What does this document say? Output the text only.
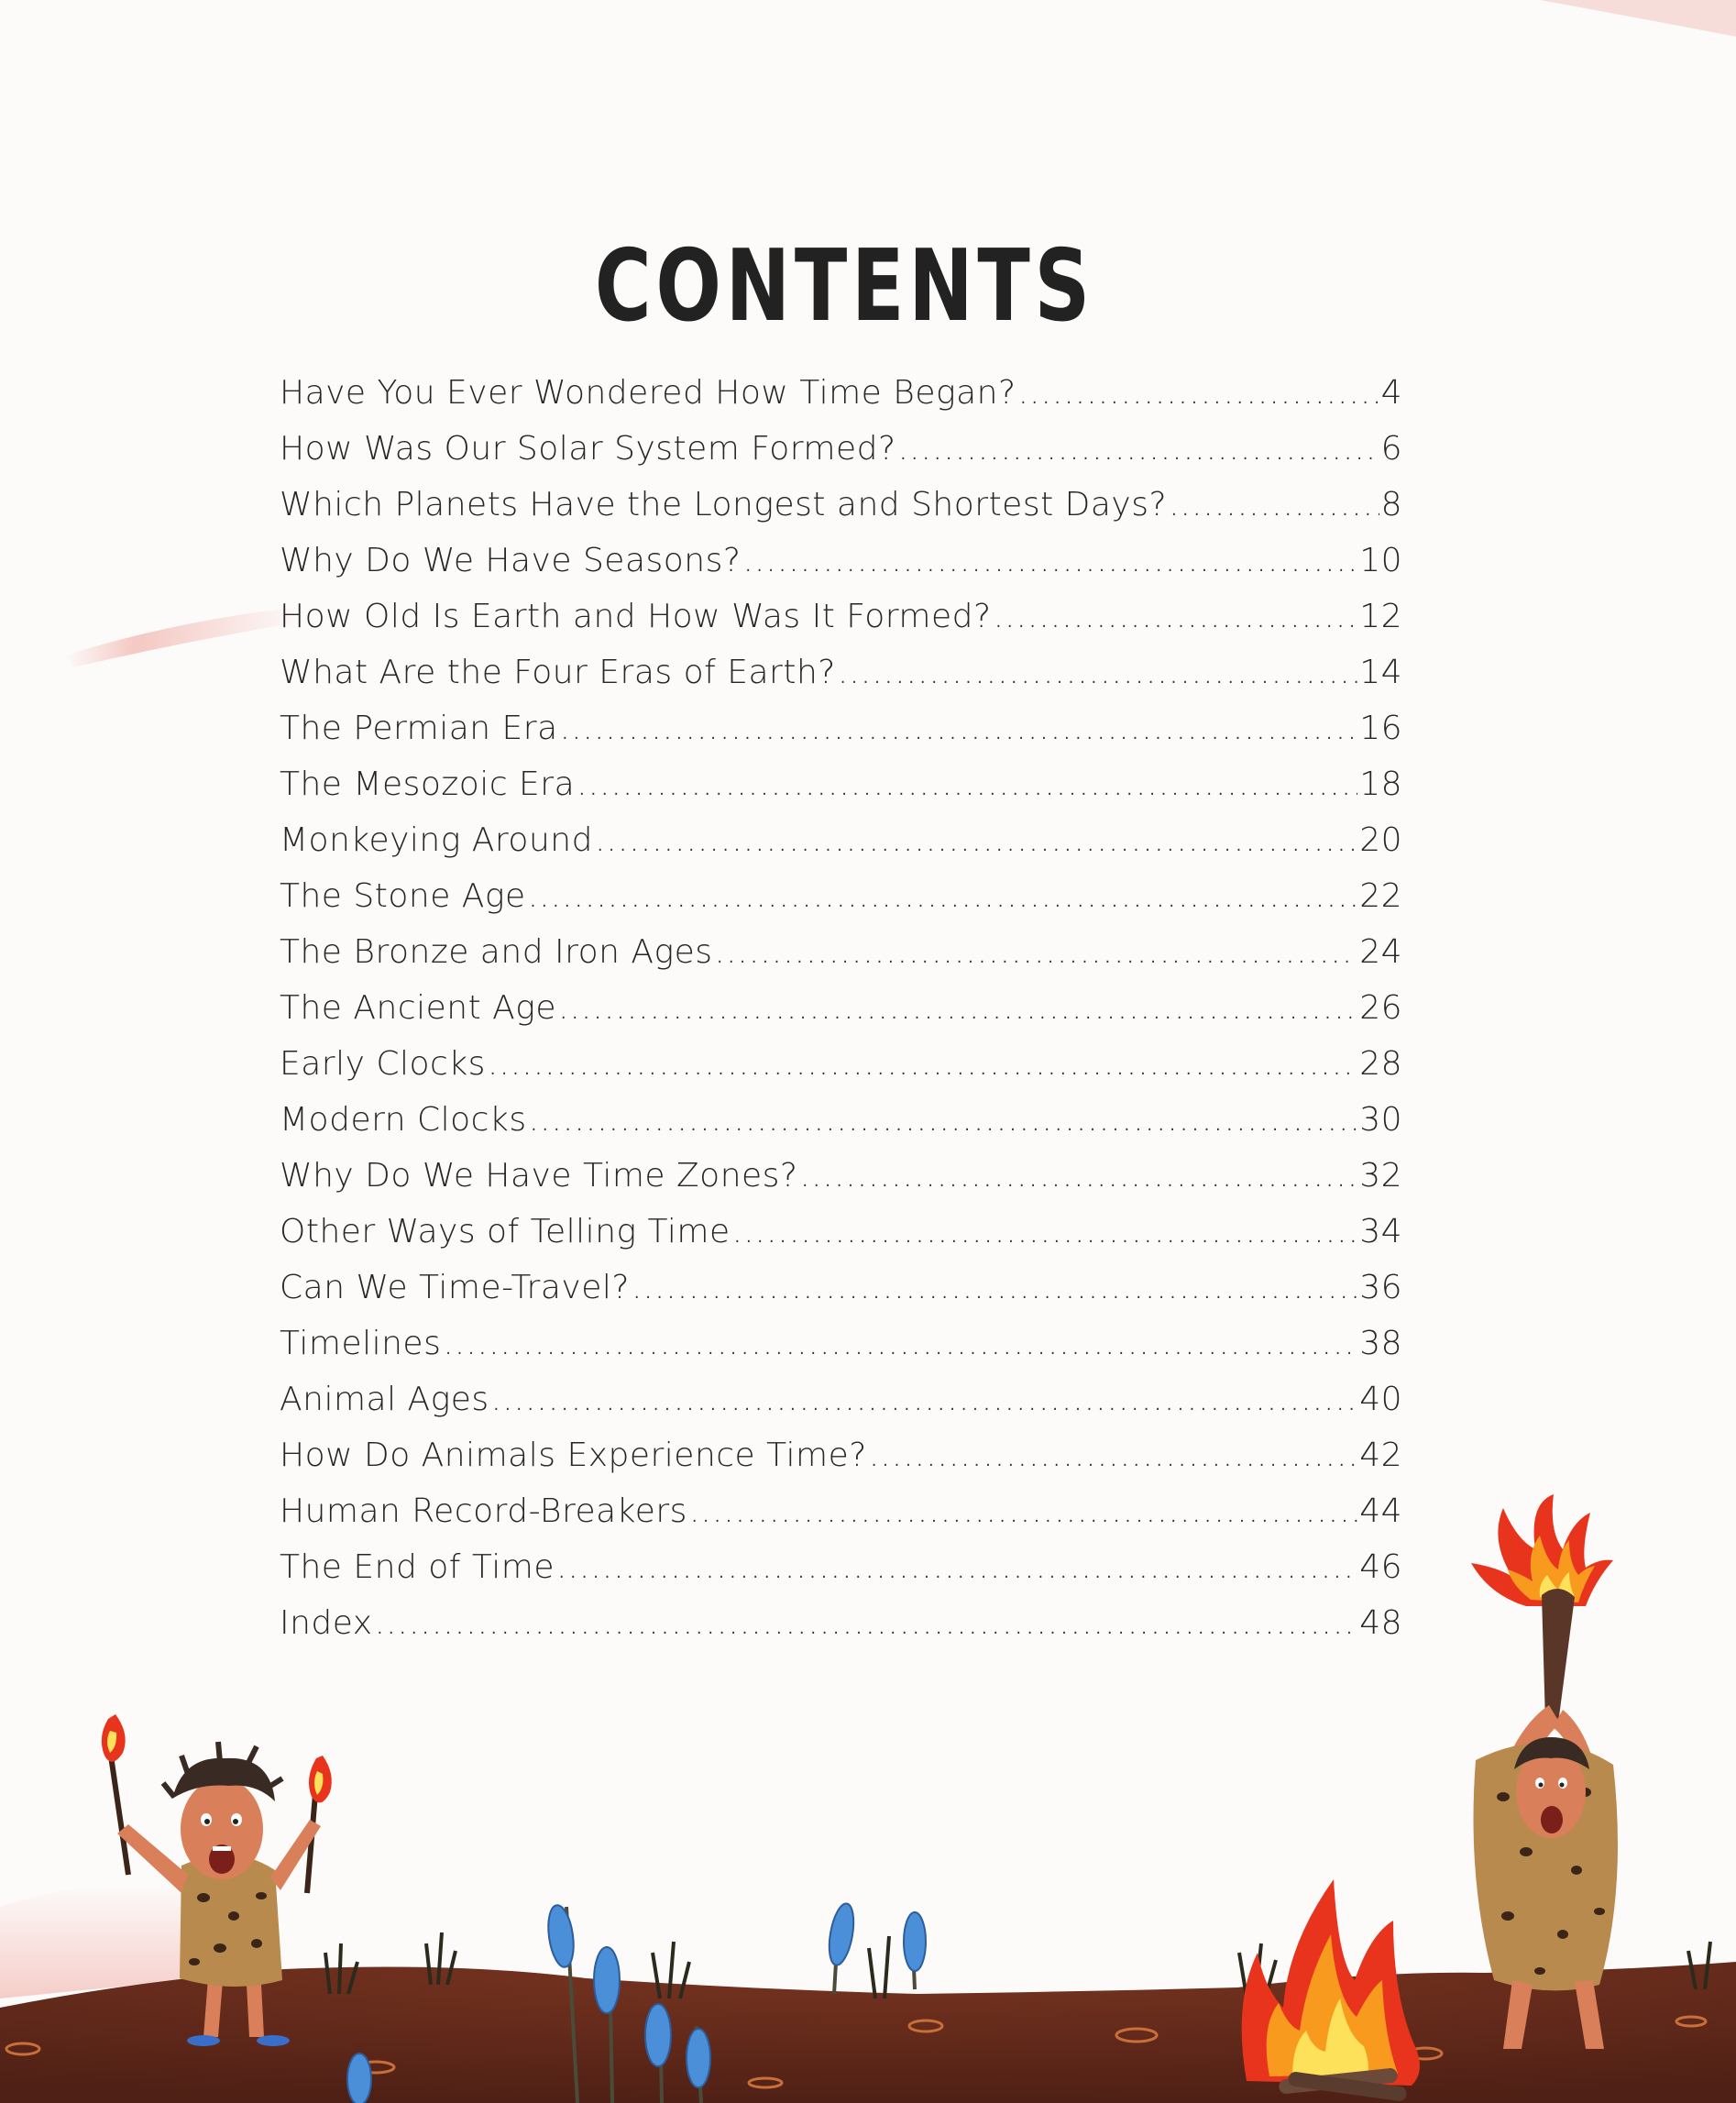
CONTENTS
Have You Ever Wondered How Time Began? .....	4
How Was Our Solar System Formed? .....	6
Which Planets Have the Longest and Shortest Days? .....	8
Why Do We Have Seasons? .....	10
How Old Is Earth and How Was It Formed? .....	12
What Are the Four Eras of Earth? .....	14
The Permian Era .....	16
The Mesozoic Era .....	18
Monkeying Around .....	20
The Stone Age .....	22
The Bronze and Iron Ages .....	24
The Ancient Age .....	26
Early Clocks .....	28
Modern Clocks .....	30
Why Do We Have Time Zones? .....	32
Other Ways of Telling Time .....	34
Can We Time-Travel? .....	36
Timelines .....	38
Animal Ages .....	40
How Do Animals Experience Time? .....	42
Human Record-Breakers .....	44
The End of Time .....	46
Index .....	48
